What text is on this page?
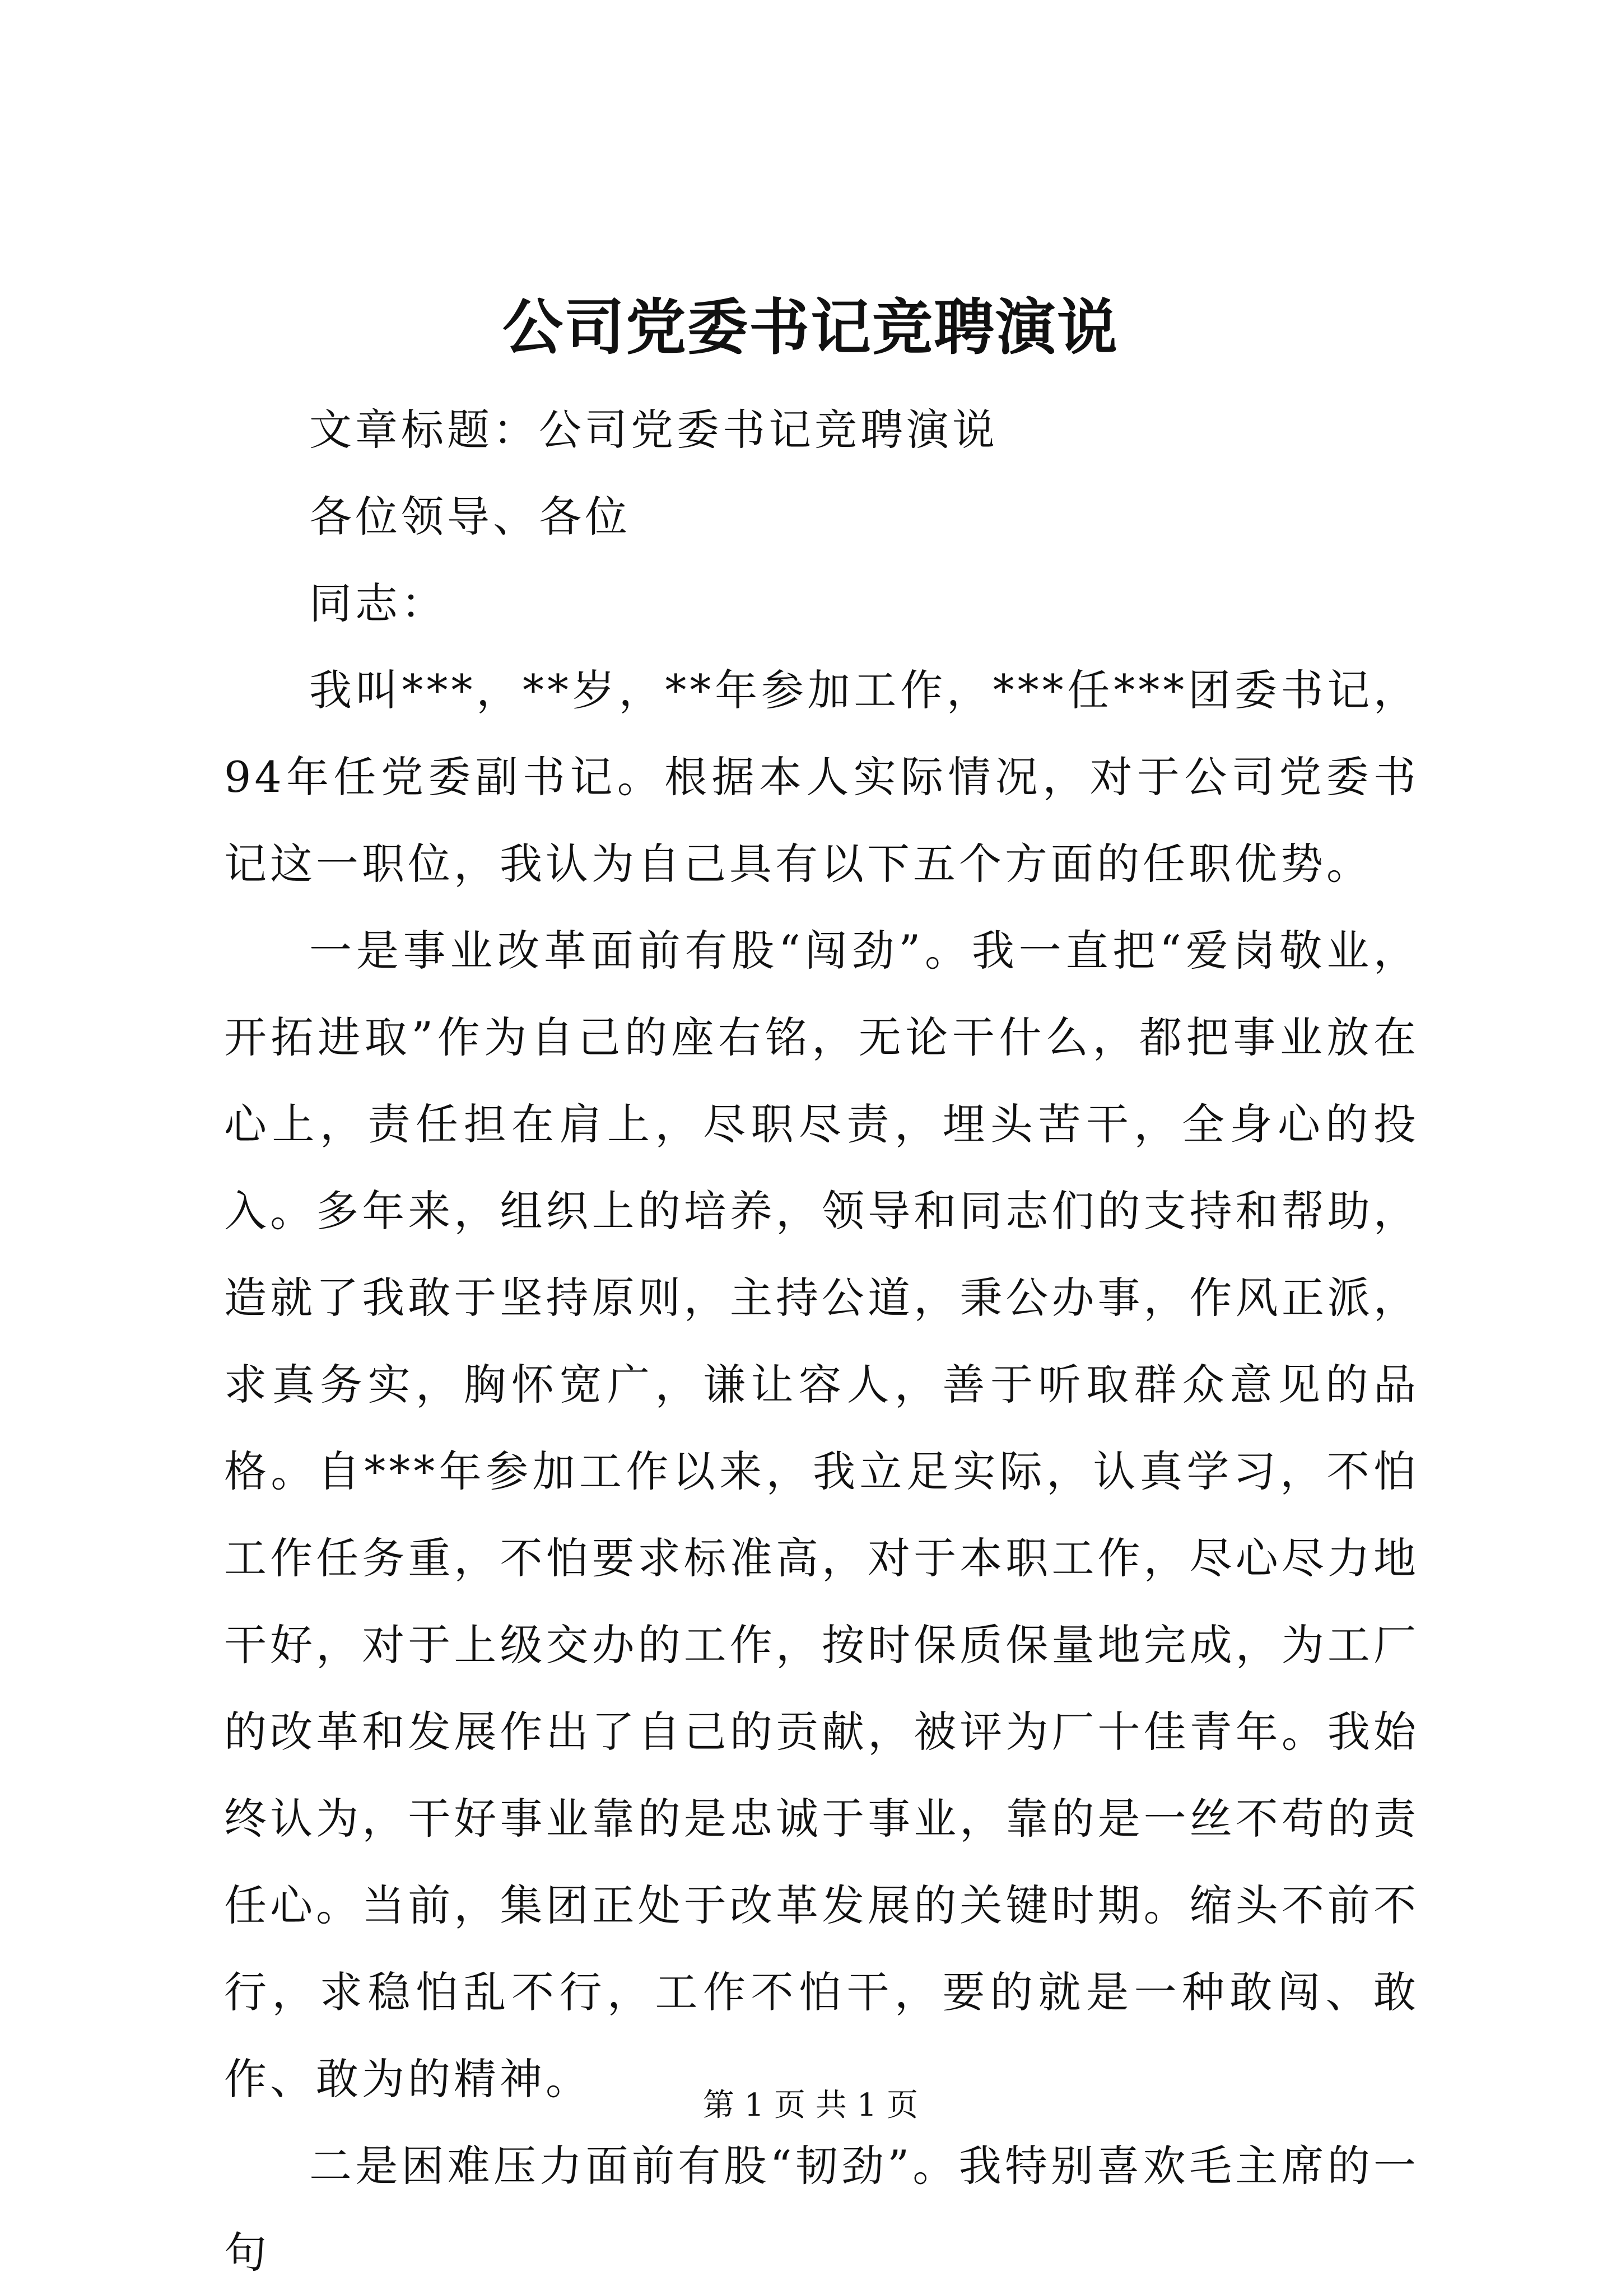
公司党委书记竞聘演说

文章标题：公司党委书记竞聘演说

各位领导、各位

同志：

我叫***，**岁，**年参加工作，***任***团委书记，94年任党委副书记。根据本人实际情况，对于公司党委书记这一职位，我认为自己具有以下五个方面的任职优势。

一是事业改革面前有股“闯劲”。我一直把“爱岗敬业，开拓进取”作为自己的座右铭，无论干什么，都把事业放在心上，责任担在肩上，尽职尽责，埋头苦干，全身心的投入。多年来，组织上的培养，领导和同志们的支持和帮助，造就了我敢于坚持原则，主持公道，秉公办事，作风正派，求真务实，胸怀宽广，谦让容人，善于听取群众意见的品格。自***年参加工作以来，我立足实际，认真学习，不怕工作任务重，不怕要求标准高，对于本职工作，尽心尽力地干好，对于上级交办的工作，按时保质保量地完成，为工厂的改革和发展作出了自己的贡献，被评为厂十佳青年。我始终认为，干好事业靠的是忠诚于事业，靠的是一丝不苟的责任心。当前，集团正处于改革发展的关键时期。缩头不前不行，求稳怕乱不行，工作不怕干，要的就是一种敢闯、敢作、敢为的精神。

二是困难压力面前有股“韧劲”。我特别喜欢毛主席的一句

第 1 页 共 1 页
